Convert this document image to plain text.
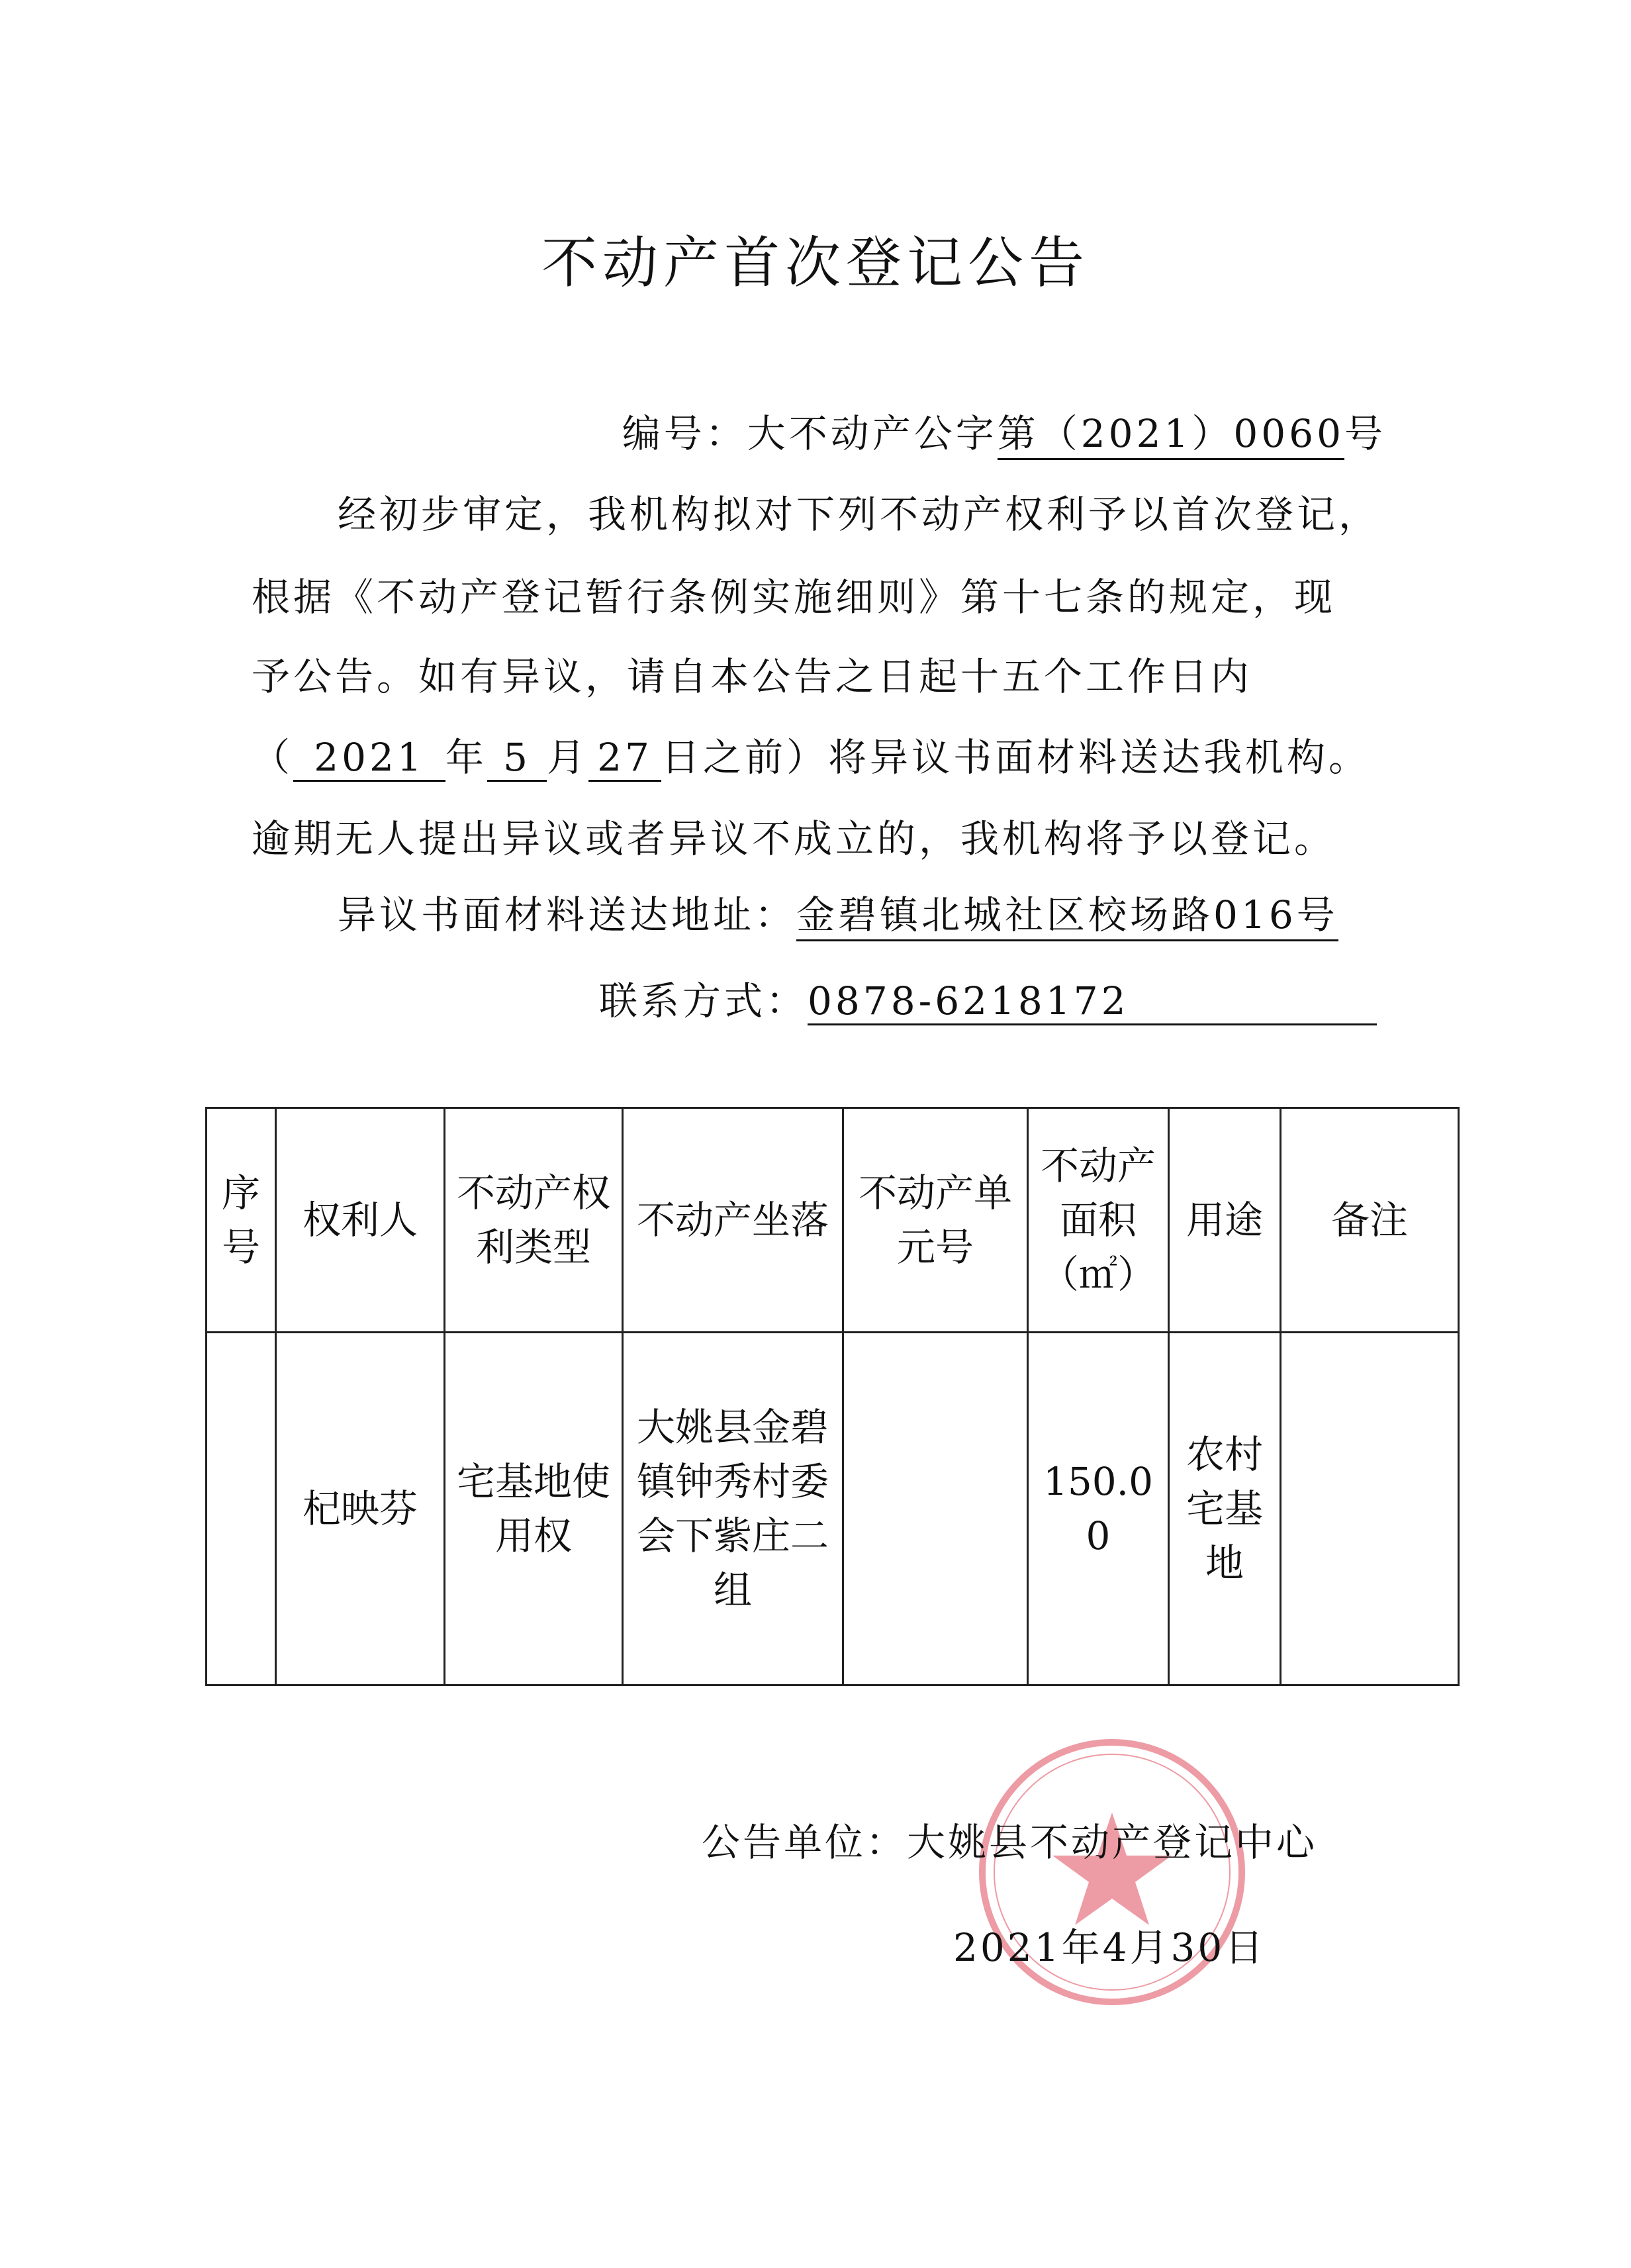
不动产首次登记公告
编号：大不动产公字第（2021）0060号
经初步审定，我机构拟对下列不动产权利予以首次登记，
根据《不动产登记暂行条例实施细则》第十七条的规定，现
予公告。如有异议，请自本公告之日起十五个工作日内
（ 2021 年 5 月 27 日之前）将异议书面材料送达我机构。
逾期无人提出异议或者异议不成立的，我机构将予以登记。
异议书面材料送达地址：金碧镇北城社区校场路016号
联系方式：0878-6218172
序号	权利人	不动产权利类型	不动产坐落	不动产单元号	不动产面积（㎡）	用途	备注
	杞映芬	宅基地使用权	大姚县金碧镇钟秀村委会下紫庄二组		150.00	农村宅基地	
公告单位：大姚县不动产登记中心
2021年4月30日
